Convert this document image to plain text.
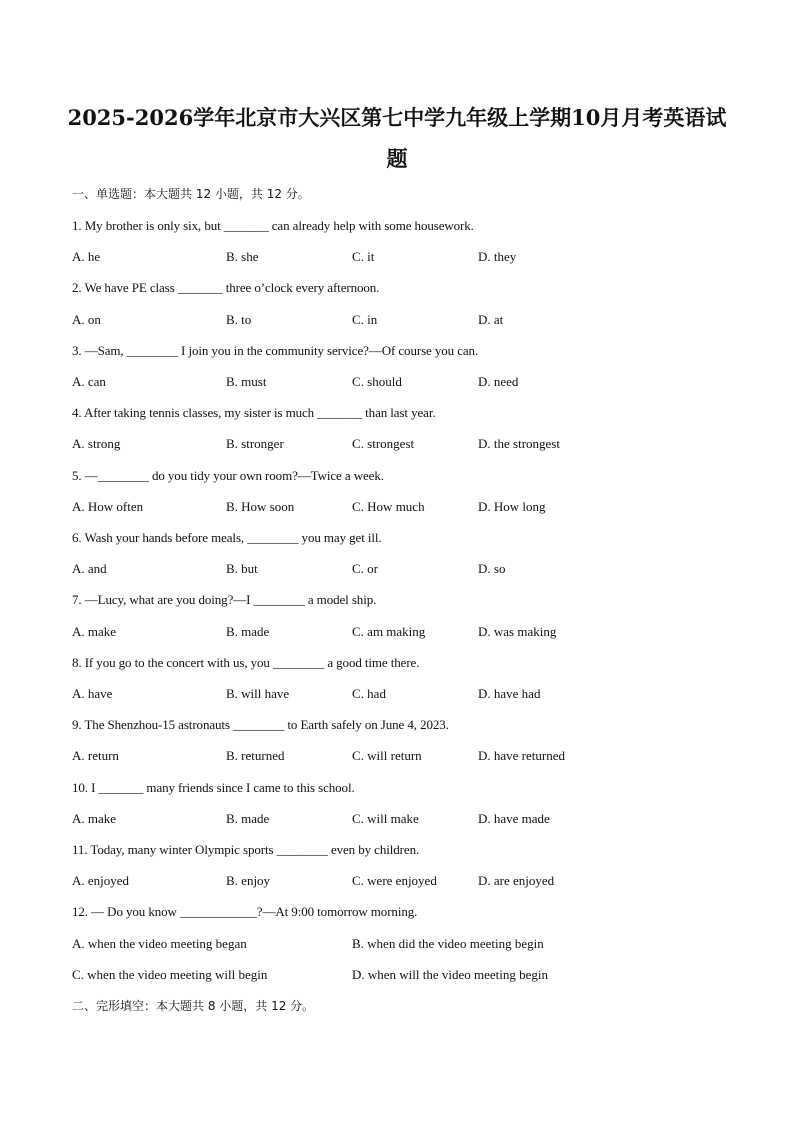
2025-2026学年北京市大兴区第七中学九年级上学期10月月考英语试
题
一、单选题：本大题共 12 小题，共 12 分。
1. My brother is only six, but _______ can already help with some housework.
A. he	B. she	C. it	D. they
2. We have PE class _______ three o’clock every afternoon.
A. on	B. to	C. in	D. at
3. —Sam, ________ I join you in the community service?—Of course you can.
A. can	B. must	C. should	D. need
4. After taking tennis classes, my sister is much _______ than last year.
A. strong	B. stronger	C. strongest	D. the strongest
5. —________ do you tidy your own room?—Twice a week.
A. How often	B. How soon	C. How much	D. How long
6. Wash your hands before meals, ________ you may get ill.
A. and	B. but	C. or	D. so
7. —Lucy, what are you doing?—I ________ a model ship.
A. make	B. made	C. am making	D. was making
8. If you go to the concert with us, you ________ a good time there.
A. have	B. will have	C. had	D. have had
9. The Shenzhou-15 astronauts ________ to Earth safely on June 4, 2023.
A. return	B. returned	C. will return	D. have returned
10. I _______ many friends since I came to this school.
A. make	B. made	C. will make	D. have made
11. Today, many winter Olympic sports ________ even by children.
A. enjoyed	B. enjoy	C. were enjoyed	D. are enjoyed
12. — Do you know ____________?—At 9:00 tomorrow morning.
A. when the video meeting began	B. when did the video meeting begin
C. when the video meeting will begin	D. when will the video meeting begin
二、完形填空：本大题共 8 小题，共 12 分。
